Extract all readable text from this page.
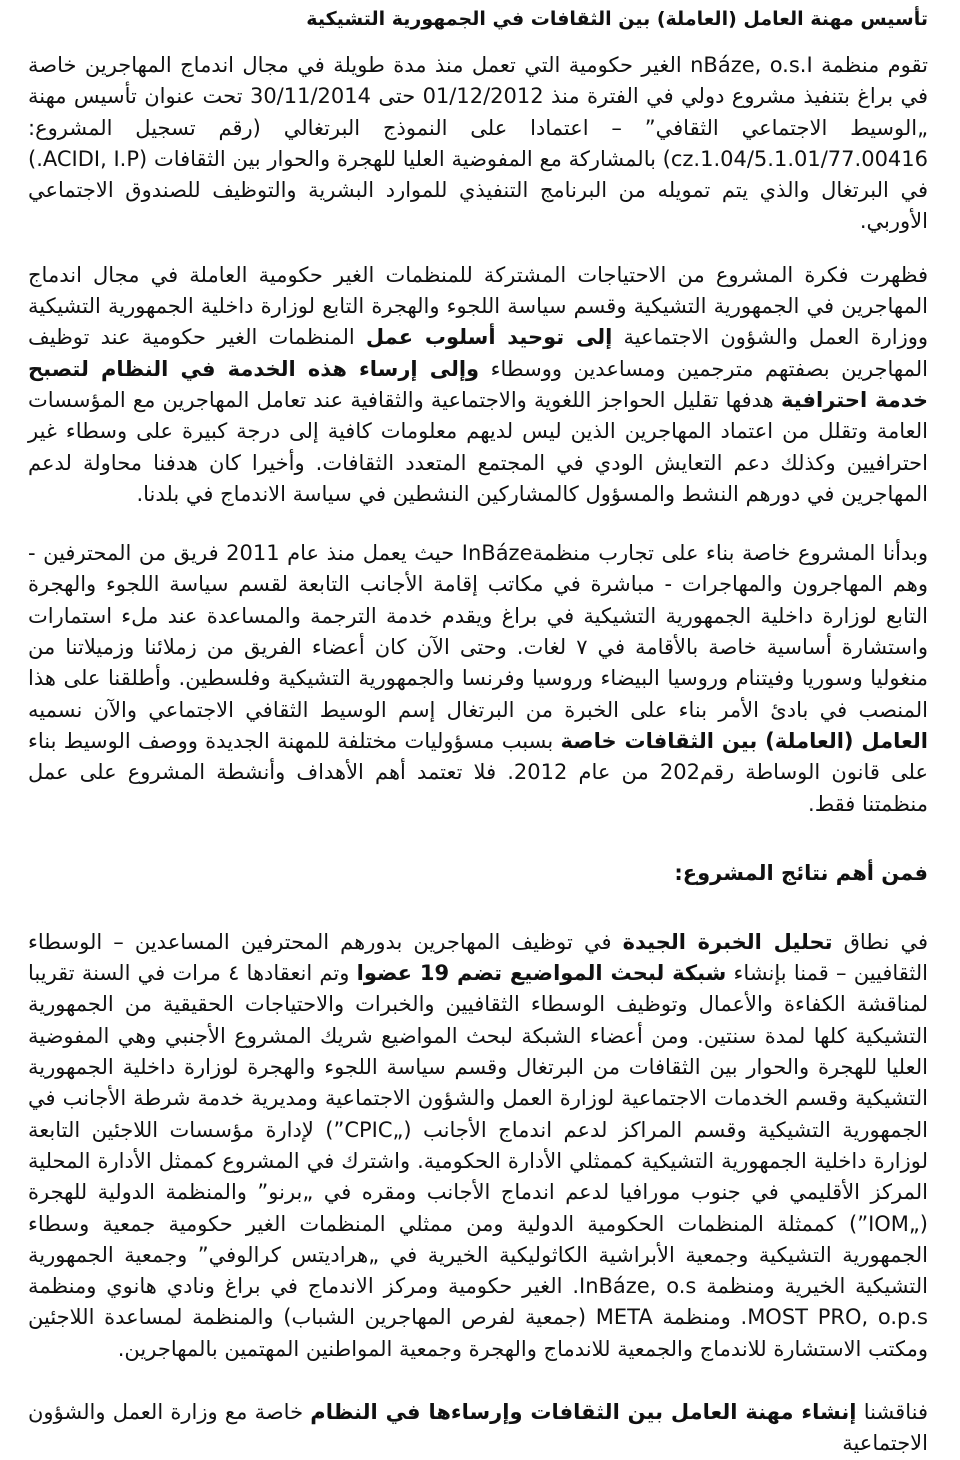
تأسيس مهنة العامل (العاملة) بين الثقافات في الجمهورية التشيكية

تقوم منظمة nBáze, o.s.I الغير حكومية التي تعمل منذ مدة طويلة في مجال اندماج المهاجرين خاصة في براغ بتنفيذ مشروع دولي في الفترة منذ 01/12/2012 حتى 30/11/2014 تحت عنوان تأسيس مهنة „الوسيط الاجتماعي الثقافي” – اعتمادا على النموذج البرتغالي (رقم تسجيل المشروع: cz.1.04/5.1.01/77.00416) بالمشاركة مع المفوضية العليا للهجرة والحوار بين الثقافات (ACIDI, I.P.) في البرتغال والذي يتم تمويله من البرنامج التنفيذي للموارد البشرية والتوظيف للصندوق الاجتماعي الأوربي.

فظهرت فكرة المشروع من الاحتياجات المشتركة للمنظمات الغير حكومية العاملة في مجال اندماج المهاجرين في الجمهورية التشيكية وقسم سياسة اللجوء والهجرة التابع لوزارة داخلية الجمهورية التشيكية ووزارة العمل والشؤون الاجتماعية إلى توحيد أسلوب عمل المنظمات الغير حكومية عند توظيف المهاجرين بصفتهم مترجمين ومساعدين ووسطاء وإلى إرساء هذه الخدمة في النظام لتصبح خدمة احترافية هدفها تقليل الحواجز اللغوية والاجتماعية والثقافية عند تعامل المهاجرين مع المؤسسات العامة وتقلل من اعتماد المهاجرين الذين ليس لديهم معلومات كافية إلى درجة كبيرة على وسطاء غير احترافيين وكذلك دعم التعايش الودي في المجتمع المتعدد الثقافات. وأخيرا كان هدفنا محاولة لدعم المهاجرين في دورهم النشط والمسؤول كالمشاركين النشطين في سياسة الاندماج في بلدنا.

وبدأنا المشروع خاصة بناء على تجارب منظمةInBáze حيث يعمل منذ عام 2011 فريق من المحترفين - وهم المهاجرون والمهاجرات - مباشرة في مكاتب إقامة الأجانب التابعة لقسم سياسة اللجوء والهجرة التابع لوزارة داخلية الجمهورية التشيكية في براغ ويقدم خدمة الترجمة والمساعدة عند ملء استمارات واستشارة أساسية خاصة بالأقامة في ٧ لغات. وحتى الآن كان أعضاء الفريق من زملائنا وزميلاتنا من منغوليا وسوريا وفيتنام وروسيا البيضاء وروسيا وفرنسا والجمهورية التشيكية وفلسطين. وأطلقنا على هذا المنصب في بادئ الأمر بناء على الخبرة من البرتغال إسم الوسيط الثقافي الاجتماعي والآن نسميه العامل (العاملة) بين الثقافات خاصة بسبب مسؤوليات مختلفة للمهنة الجديدة ووصف الوسيط بناء على قانون الوساطة رقم202 من عام 2012. فلا تعتمد أهم الأهداف وأنشطة المشروع على عمل منظمتنا فقط.

فمن أهم نتائج المشروع:

في نطاق تحليل الخبرة الجيدة في توظيف المهاجرين بدورهم المحترفين المساعدين – الوسطاء الثقافيين – قمنا بإنشاء شبكة لبحث المواضيع تضم 19 عضوا وتم انعقادها ٤ مرات في السنة تقريبا لمناقشة الكفاءة والأعمال وتوظيف الوسطاء الثقافيين والخبرات والاحتياجات الحقيقية من الجمهورية التشيكية كلها لمدة سنتين. ومن أعضاء الشبكة لبحث المواضيع شريك المشروع الأجنبي وهي المفوضية العليا للهجرة والحوار بين الثقافات من البرتغال وقسم سياسة اللجوء والهجرة لوزارة داخلية الجمهورية التشيكية وقسم الخدمات الاجتماعية لوزارة العمل والشؤون الاجتماعية ومديرية خدمة شرطة الأجانب في الجمهورية التشيكية وقسم المراكز لدعم اندماج الأجانب („CPIC”) لإدارة مؤسسات اللاجئين التابعة لوزارة داخلية الجمهورية التشيكية كممثلي الأدارة الحكومية. واشترك في المشروع كممثل الأدارة المحلية المركز الأقليمي في جنوب مورافيا لدعم اندماج الأجانب ومقره في „برنو” والمنظمة الدولية للهجرة („IOM”) كممثلة المنظمات الحكومية الدولية ومن ممثلي المنظمات الغير حكومية جمعية وسطاء الجمهورية التشيكية وجمعية الأبراشية الكاثوليكية الخيرية في „هراديتس كرالوفي” وجمعية الجمهورية التشيكية الخيرية ومنظمة InBáze, o.s. الغير حكومية ومركز الاندماج في براغ ونادي هانوي ومنظمة MOST PRO, o.p.s. ومنظمة META (جمعية لفرص المهاجرين الشباب) والمنظمة لمساعدة اللاجئين ومكتب الاستشارة للاندماج والجمعية للاندماج والهجرة وجمعية المواطنين المهتمين بالمهاجرين.

فناقشنا إنشاء مهنة العامل بين الثقافات وإرساءها في النظام خاصة مع وزارة العمل والشؤون الاجتماعية
